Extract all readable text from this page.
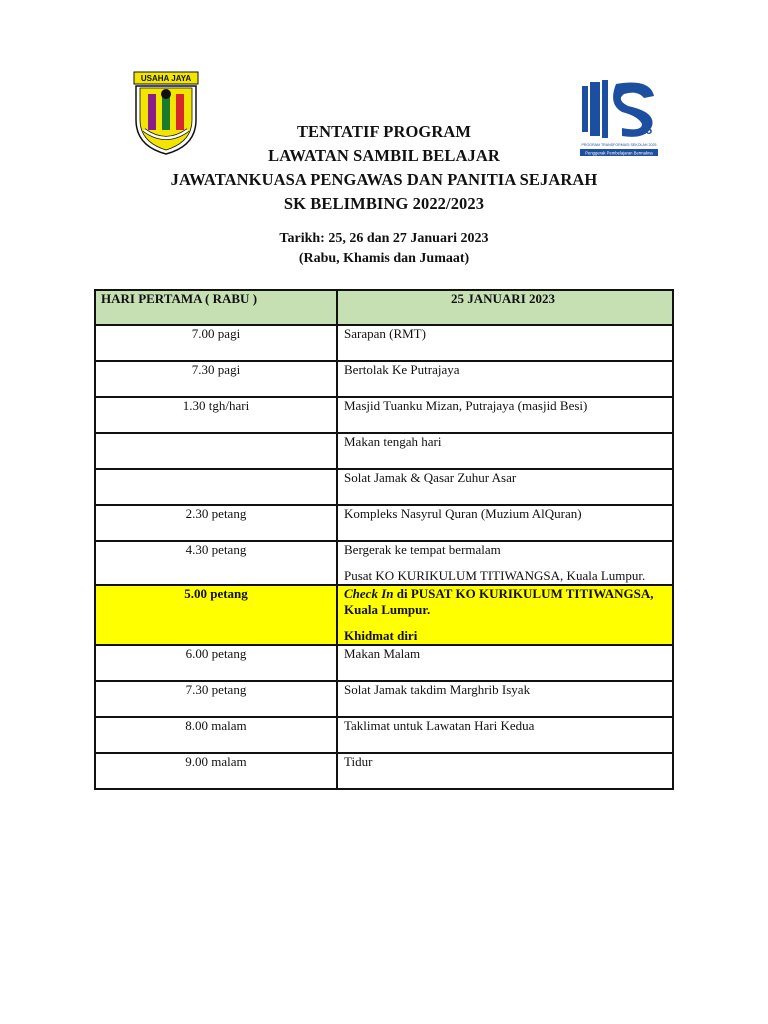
USAHA JAYA
25
PROGRAM TRANSFORMASI SEKOLAH 2025
Penggerak Pembelajaran Bermakna
TENTATIF PROGRAM
LAWATAN SAMBIL BELAJAR
JAWATANKUASA PENGAWAS DAN PANITIA SEJARAH
SK BELIMBING 2022/2023
Tarikh: 25, 26 dan 27 Januari 2023
(Rabu, Khamis dan Jumaat)
HARI PERTAMA ( RABU )	25 JANUARI 2023
7.00 pagi	Sarapan (RMT)
7.30 pagi	Bertolak Ke Putrajaya
1.30 tgh/hari	Masjid Tuanku Mizan, Putrajaya (masjid Besi)
	Makan tengah hari
	Solat Jamak & Qasar Zuhur Asar
2.30 petang	Kompleks Nasyrul Quran (Muzium AlQuran)
4.30 petang	Bergerak ke tempat bermalam
Pusat KO KURIKULUM TITIWANGSA, Kuala Lumpur.

5.00 petang	Check In di PUSAT KO KURIKULUM TITIWANGSA, Kuala Lumpur.
Khidmat diri

6.00 petang	Makan Malam
7.30 petang	Solat Jamak takdim Marghrib Isyak
8.00 malam	Taklimat untuk Lawatan Hari Kedua
9.00 malam	Tidur
